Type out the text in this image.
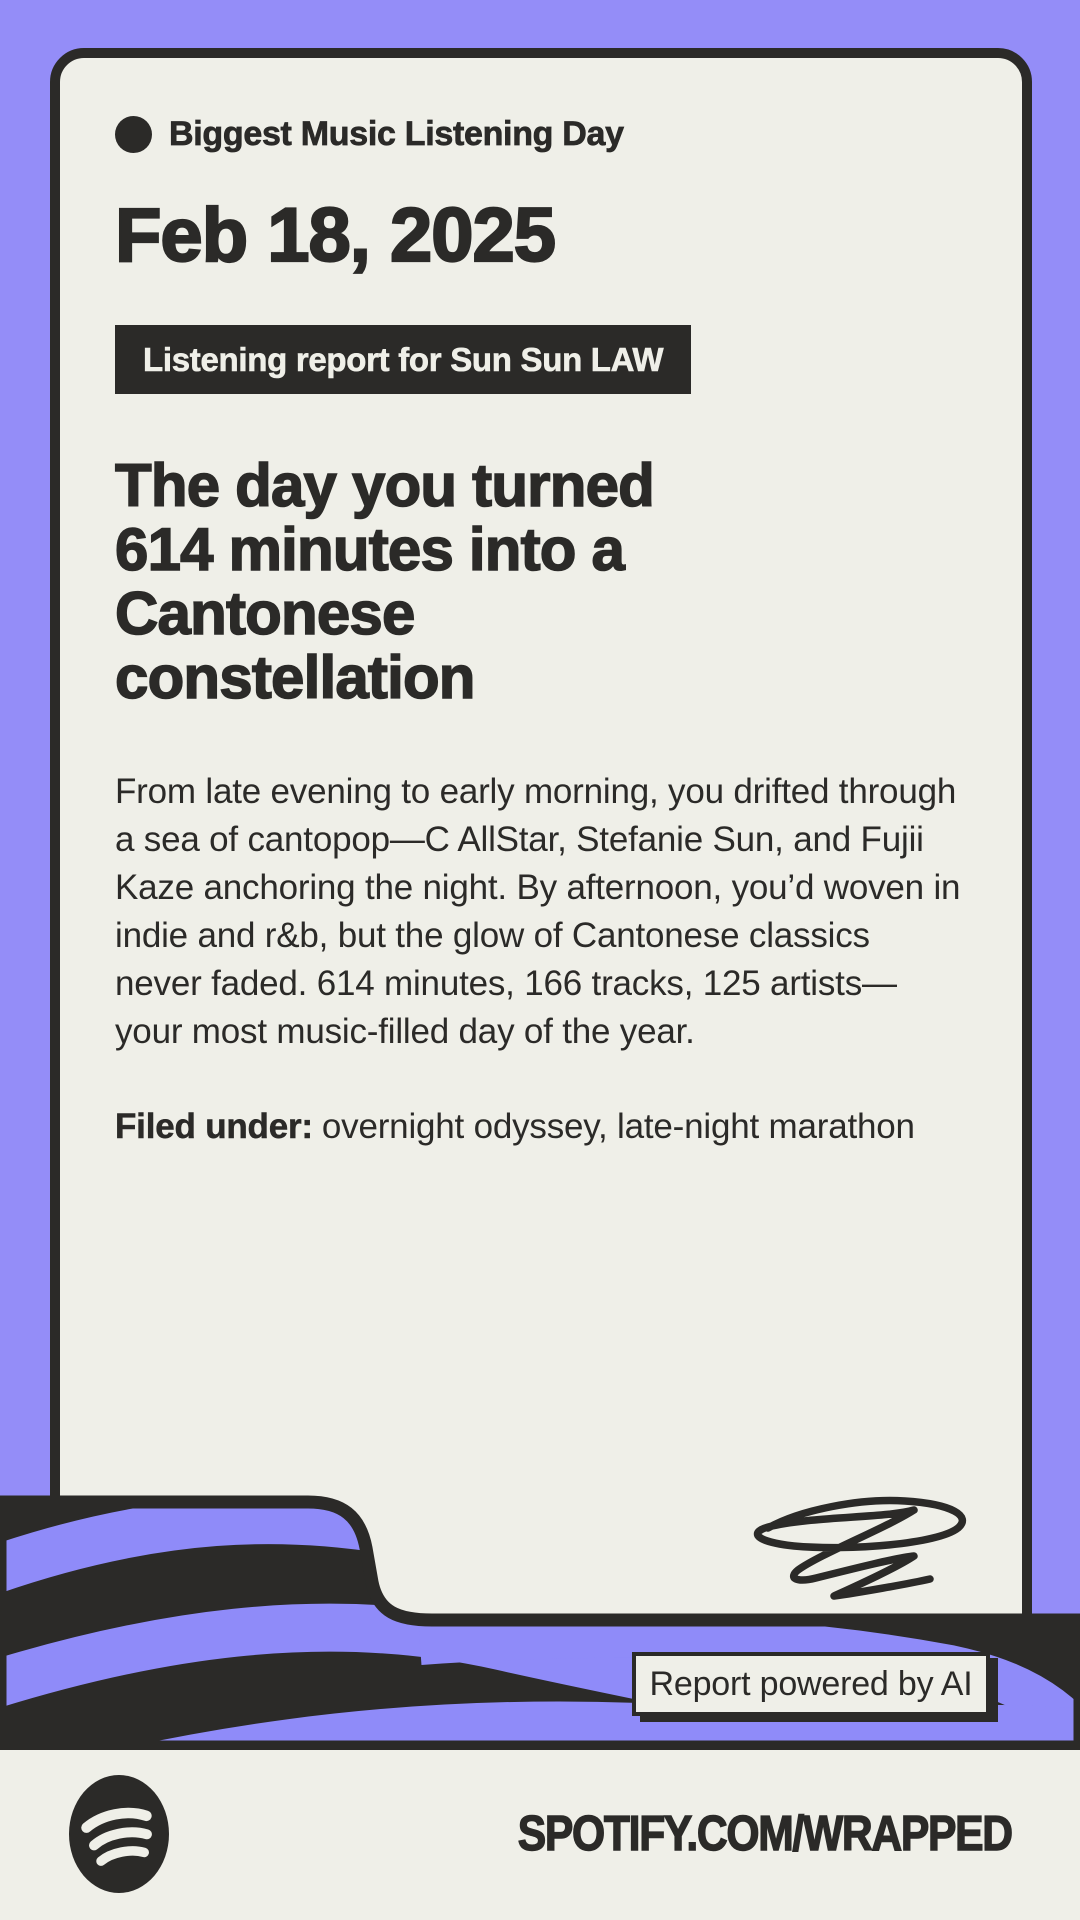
Biggest Music Listening Day
Feb 18, 2025
Listening report for Sun Sun LAW
The day you turned 614 minutes into a Cantonese constellation

From late evening to early morning, you drifted through a sea of cantopop—C AllStar, Stefanie Sun, and Fujii Kaze anchoring the night. By afternoon, you’d woven in indie and r&b, but the glow of Cantonese classics never faded. 614 minutes, 166 tracks, 125 artists—your most music-filled day of the year.

Filed under: overnight odyssey, late-night marathon

Report powered by AI
SPOTIFY.COM/WRAPPED
